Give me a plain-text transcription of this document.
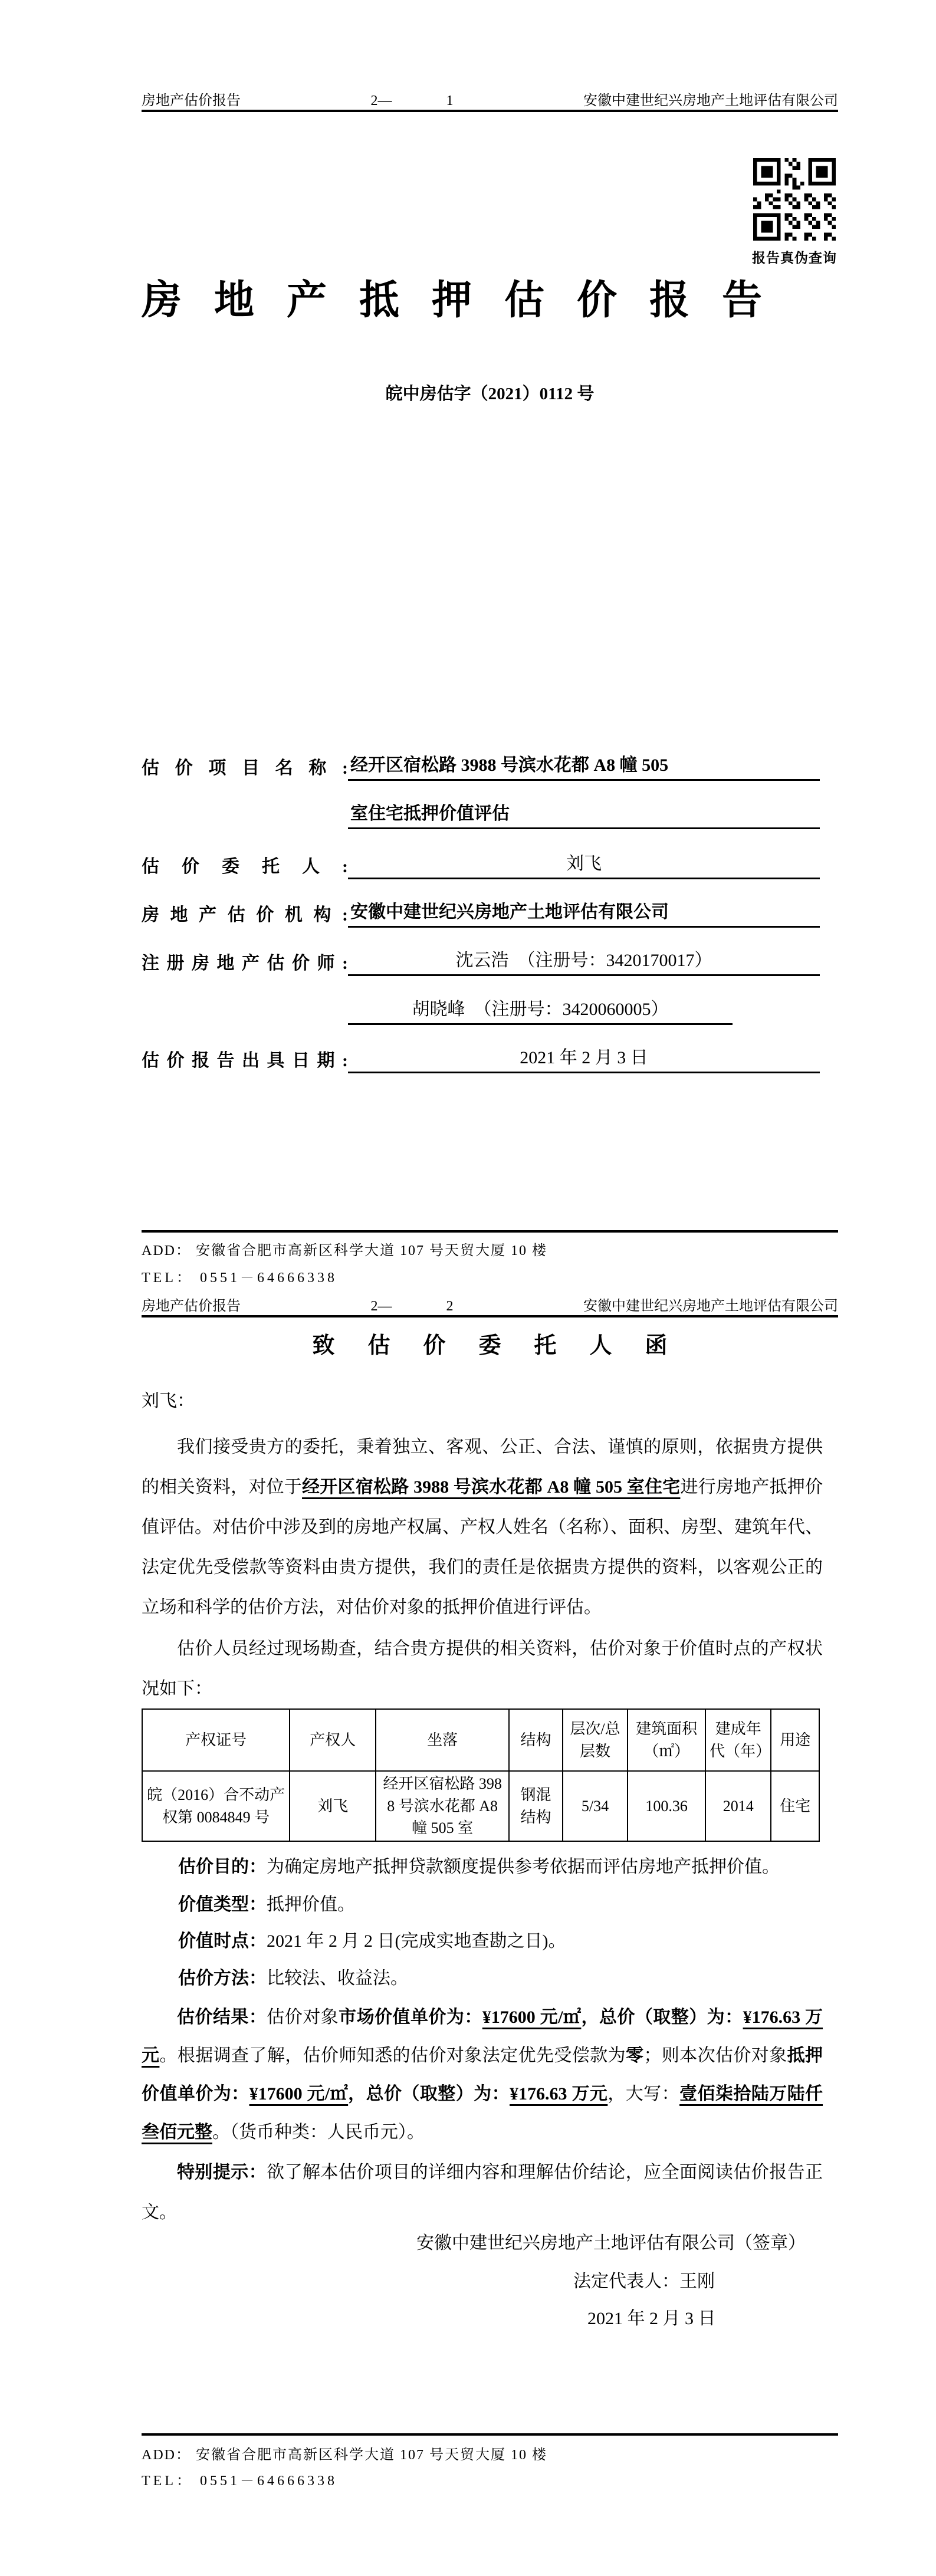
房地产估价报告	2—	1	安徽中建世纪兴房地产土地评估有限公司
报告真伪查询
房地产抵押估价报告
皖中房估字（2021）0112 号
估价项目名称: 经开区宿松路 3988 号滨水花都 A8 幢 505
室住宅抵押价值评估
估价委托人:	刘飞
房地产估价机构: 安徽中建世纪兴房地产土地评估有限公司
注册房地产估价师:	沈云浩　（注册号：3420170017）
胡晓峰　（注册号：3420060005）
估价报告出具日期:	2021 年 2 月 3 日
ADD： 安徽省合肥市高新区科学大道 107 号天贸大厦 10 楼
TEL： 0551－64666338
房地产估价报告	2—	2	安徽中建世纪兴房地产土地评估有限公司
致估价委托人函
刘飞：

我们接受贵方的委托，秉着独立、客观、公正、合法、谨慎的原则，依据贵方提供的相关资料，对位于经开区宿松路 3988 号滨水花都 A8 幢 505 室住宅进行房地产抵押价值评估。对估价中涉及到的房地产权属、产权人姓名（名称）、面积、房型、建筑年代、法定优先受偿款等资料由贵方提供，我们的责任是依据贵方提供的资料，以客观公正的立场和科学的估价方法，对估价对象的抵押价值进行评估。

估价人员经过现场勘查，结合贵方提供的相关资料，估价对象于价值时点的产权状况如下：

产权证号	产权人	坐落	结构	层次/总层数	建筑面积（㎡）	建成年代（年）	用途
皖（2016）合不动产权第 0084849 号	刘飞	经开区宿松路 3988 号滨水花都 A8 幢 505 室	钢混结构	5/34	100.36	2014	住宅
估价目的：为确定房地产抵押贷款额度提供参考依据而评估房地产抵押价值。
价值类型：抵押价值。
价值时点：2021 年 2 月 2 日(完成实地查勘之日)。
估价方法：比较法、收益法。

估价结果：估价对象市场价值单价为：¥17600 元/㎡，总价（取整）为：¥176.63 万元。根据调查了解，估价师知悉的估价对象法定优先受偿款为零；则本次估价对象抵押价值单价为：¥17600 元/㎡，总价（取整）为：¥176.63 万元，大写：壹佰柒拾陆万陆仟叁佰元整。（货币种类：人民币元）。

特别提示：欲了解本估价项目的详细内容和理解估价结论，应全面阅读估价报告正文。

安徽中建世纪兴房地产土地评估有限公司（签章）
法定代表人：王刚
2021 年 2 月 3 日
ADD： 安徽省合肥市高新区科学大道 107 号天贸大厦 10 楼
TEL： 0551－64666338
